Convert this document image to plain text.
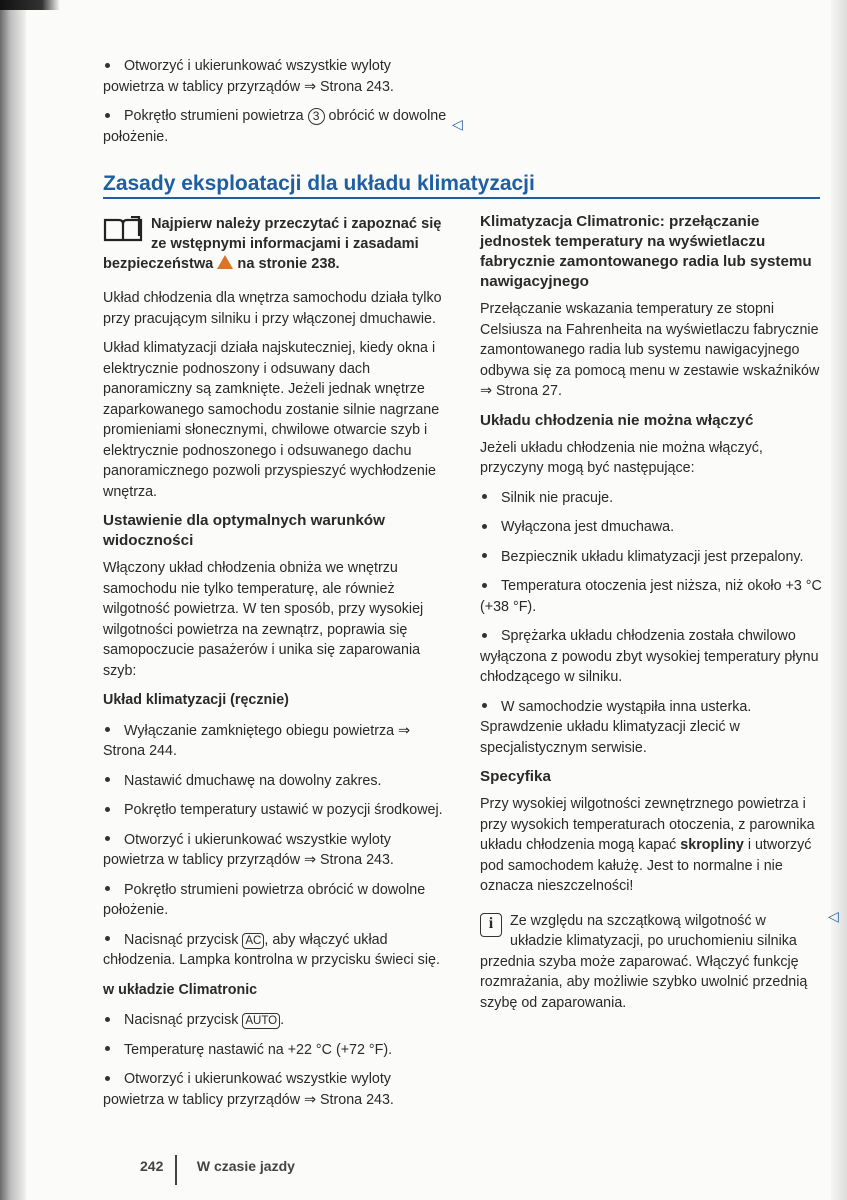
Otworzyć i ukierunkować wszystkie wyloty powietrza w tablicy przyrządów ⇒ Strona 243.

Pokrętło strumieni powietrza 3 obrócić w dowolne położenie.

◁
Zasady eksploatacji dla układu klimatyzacji
Najpierw należy przeczytać i zapoznać się ze wstępnymi informacjami i zasadami bezpieczeństwa  na stronie 238.

Układ chłodzenia dla wnętrza samochodu działa tylko przy pracującym silniku i przy włączonej dmuchawie.

Układ klimatyzacji działa najskuteczniej, kiedy okna i elektrycznie podnoszony i odsuwany dach panoramiczny są zamknięte. Jeżeli jednak wnętrze zaparkowanego samochodu zostanie silnie nagrzane promieniami słonecznymi, chwilowe otwarcie szyb i elektrycznie podnoszonego i odsuwanego dachu panoramicznego pozwoli przyspieszyć wychłodzenie wnętrza.

Ustawienie dla optymalnych warunków widoczności

Włączony układ chłodzenia obniża we wnętrzu samochodu nie tylko temperaturę, ale również wilgotność powietrza. W ten sposób, przy wysokiej wilgotności powietrza na zewnątrz, poprawia się samopoczucie pasażerów i unika się zaparowania szyb:

Układ klimatyzacji (ręcznie)

Wyłączanie zamkniętego obiegu powietrza ⇒ Strona 244.

Nastawić dmuchawę na dowolny zakres.

Pokrętło temperatury ustawić w pozycji środkowej.

Otworzyć i ukierunkować wszystkie wyloty powietrza w tablicy przyrządów ⇒ Strona 243.

Pokrętło strumieni powietrza obrócić w dowolne położenie.

Nacisnąć przycisk AC , aby włączyć układ chłodzenia. Lampka kontrolna w przycisku świeci się.

w układzie Climatronic

Nacisnąć przycisk AUTO .

Temperaturę nastawić na +22 °C (+72 °F).

Otworzyć i ukierunkować wszystkie wyloty powietrza w tablicy przyrządów ⇒ Strona 243.

Klimatyzacja Climatronic: przełączanie jednostek temperatury na wyświetlaczu fabrycznie zamontowanego radia lub systemu nawigacyjnego

Przełączanie wskazania temperatury ze stopni Celsiusza na Fahrenheita na wyświetlaczu fabrycznie zamontowanego radia lub systemu nawigacyjnego odbywa się za pomocą menu w zestawie wskaźników ⇒ Strona 27.

Układu chłodzenia nie można włączyć

Jeżeli układu chłodzenia nie można włączyć, przyczyny mogą być następujące:

Silnik nie pracuje.

Wyłączona jest dmuchawa.

Bezpiecznik układu klimatyzacji jest przepalony.

Temperatura otoczenia jest niższa, niż około +3 °C (+38 °F).

Sprężarka układu chłodzenia została chwilowo wyłączona z powodu zbyt wysokiej temperatury płynu chłodzącego w silniku.

W samochodzie wystąpiła inna usterka. Sprawdzenie układu klimatyzacji zlecić w specjalistycznym serwisie.

Specyfika

Przy wysokiej wilgotności zewnętrznego powietrza i przy wysokich temperaturach otoczenia, z parownika układu chłodzenia mogą kapać skropliny i utworzyć pod samochodem kałużę. Jest to normalne i nie oznacza nieszczelności!

i	Ze względu na szczątkową wilgotność w układzie klimatyzacji, po uruchomieniu silnika przednia szyba może zaparować. Włączyć funkcję rozmrażania, aby możliwie szybko uwolnić przednią szybę od zaparowania.

◁
242 W czasie jazdy
